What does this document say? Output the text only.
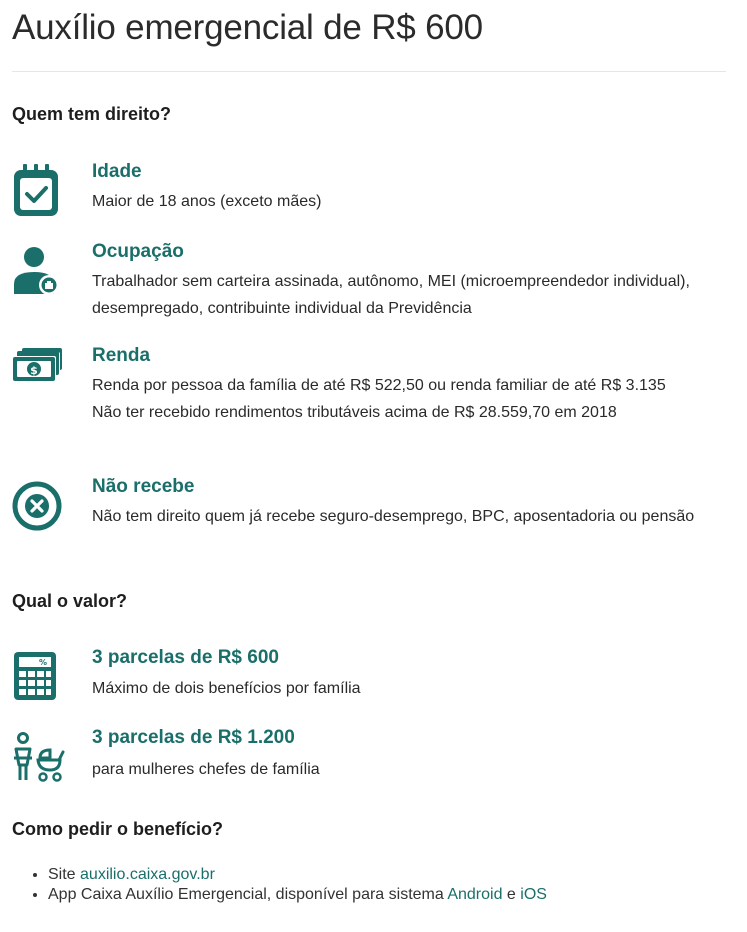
Auxílio emergencial de R$ 600
Quem tem direito?
Idade
Maior de 18 anos (exceto mães)
Ocupação
Trabalhador sem carteira assinada, autônomo, MEI (microempreendedor individual), desempregado, contribuinte individual da Previdência
$
Renda
Renda por pessoa da família de até R$ 522,50 ou renda familiar de até R$ 3.135
Não ter recebido rendimentos tributáveis acima de R$ 28.559,70 em 2018
Não recebe
Não tem direito quem já recebe seguro-desemprego, BPC, aposentadoria ou pensão
Qual o valor?
% 3 parcelas de R$ 600
Máximo de dois benefícios por família
3 parcelas de R$ 1.200
para mulheres chefes de família
Como pedir o benefício?
• Site auxilio.caixa.gov.br
• App Caixa Auxílio Emergencial, disponível para sistema Android e iOS
